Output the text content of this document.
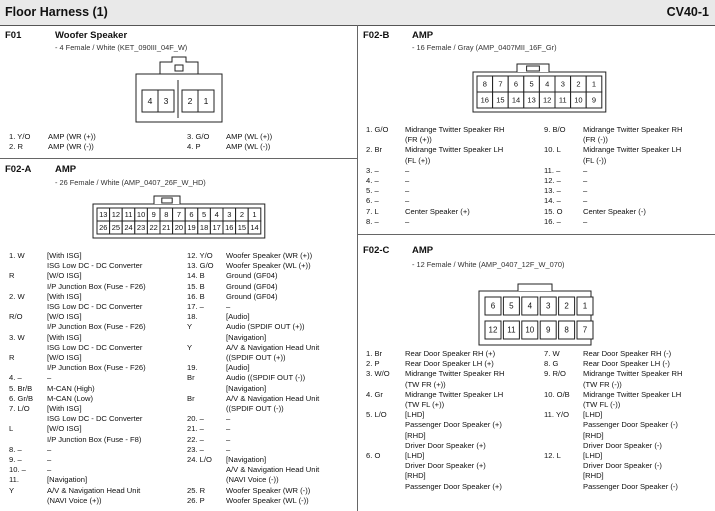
Floor Harness (1)	CV40-1
F01	Woofer Speaker
- 4 Female / White (KET_090III_04F_W)
4 3 2 1
1. Y/O AMP (WR (+))
2. R	AMP (WR (-))
3. G/O AMP (WL (+))
4. P	AMP (WL (-))
F02-A AMP
- 26 Female / White (AMP_0407_26F_W_HD)
13 12 11 10 9 8 7 6 5 4 3 2 1
26 25 24 23 22 21 20 19 18 17 16 15 14
1. W	[With ISG]
ISG Low DC - DC Converter
R	[W/O ISG]
I/P Junction Box (Fuse - F26)
2. W	[With ISG]
ISG Low DC - DC Converter
R/O	[W/O ISG]
I/P Junction Box (Fuse - F26)
3. W	[With ISG]
ISG Low DC - DC Converter
R	[W/O ISG]
I/P Junction Box (Fuse - F26)
4. –	–
5. Br/B M-CAN (High)
6. Gr/B M-CAN (Low)
7. L/O [With ISG]
ISG Low DC - DC Converter
L	[W/O ISG]
I/P Junction Box (Fuse - F8)
8. –	–
9. –	–
10. –	–
11.	[Navigation]
Y	A/V & Navigation Head Unit
(NAVI Voice (+))
12. Y/O Woofer Speaker (WR (+))
13. G/O Woofer Speaker (WL (+))
14. B	Ground (GF04)
15. B	Ground (GF04)
16. B	Ground (GF04)
17. –	–
18.	[Audio]
Y	Audio (SPDIF OUT (+))
[Navigation]
Y	A/V & Navigation Head Unit
((SPDIF OUT (+))
19.	[Audio]
Br	Audio ((SPDIF OUT (-))
[Navigation]
Br	A/V & Navigation Head Unit
((SPDIF OUT (-))
20. –	–
21. –	–
22. –	–
23. –	–
24. L/O [Navigation]
A/V & Navigation Head Unit
(NAVI Voice (-))
25. R	Woofer Speaker (WR (-))
26. P	Woofer Speaker (WL (-))
F02-B AMP
- 16 Female / Gray (AMP_0407MII_16F_Gr)
8 7 6 5 4 3 2 1
16 15 14 13 12 11 10 9
1. G/O Midrange Twitter Speaker RH
(FR (+))
2. Br	Midrange Twitter Speaker LH
(FL (+))
3. –	–
4. –	–
5. –	–
6. –	–
7. L	Center Speaker (+)
8. –	–
9. B/O Midrange Twitter Speaker RH
(FR (-))
10. L	Midrange Twitter Speaker LH
(FL (-))
11. –	–
12. –	–
13. –	–
14. –	–
15. O	Center Speaker (-)
16. –	–
F02-C AMP
- 12 Female / White (AMP_0407_12F_W_070)
6 5 4 3 2 1
12 11 10 9 8 7
1. Br	Rear Door Speaker RH (+)
2. P	Rear Door Speaker LH (+)
3. W/O Midrange Twitter Speaker RH
(TW FR (+))
4. Gr	Midrange Twitter Speaker LH
(TW FL (+))
5. L/O [LHD]
Passenger Door Speaker (+)
[RHD]
Driver Door Speaker (+)
6. O	[LHD]
Driver Door Speaker (+)
[RHD]
Passenger Door Speaker (+)
7. W	Rear Door Speaker RH (-)
8. G	Rear Door Speaker LH (-)
9. R/O Midrange Twitter Speaker RH
(TW FR (-))
10. O/B Midrange Twitter Speaker LH
(TW FL (-))
11. Y/O [LHD]
Passenger Door Speaker (-)
[RHD]
Driver Door Speaker (-)
12. L	[LHD]
Driver Door Speaker (-)
[RHD]
Passenger Door Speaker (-)
